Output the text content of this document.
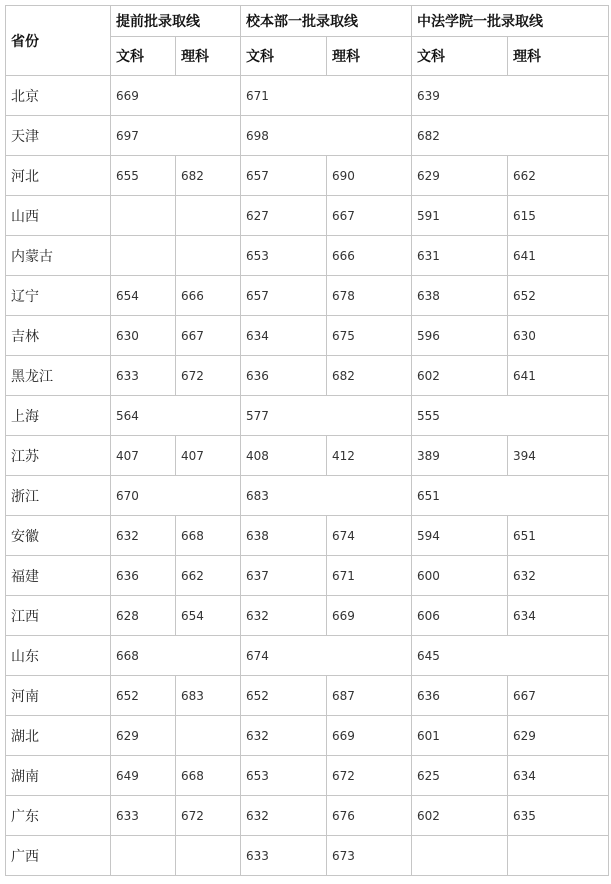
省份	提前批录取线		校本部一批录取线		中法学院一批录取线	
	文科	理科	文科	理科	文科	理科
北京	669		671		639	
天津	697		698		682	
河北	655	682	657	690	629	662
山西			627	667	591	615
内蒙古			653	666	631	641
辽宁	654	666	657	678	638	652
吉林	630	667	634	675	596	630
黑龙江	633	672	636	682	602	641
上海	564		577		555	
江苏	407	407	408	412	389	394
浙江	670		683		651	
安徽	632	668	638	674	594	651
福建	636	662	637	671	600	632
江西	628	654	632	669	606	634
山东	668		674		645	
河南	652	683	652	687	636	667
湖北	629		632	669	601	629
湖南	649	668	653	672	625	634
广东	633	672	632	676	602	635
广西			633	673		
